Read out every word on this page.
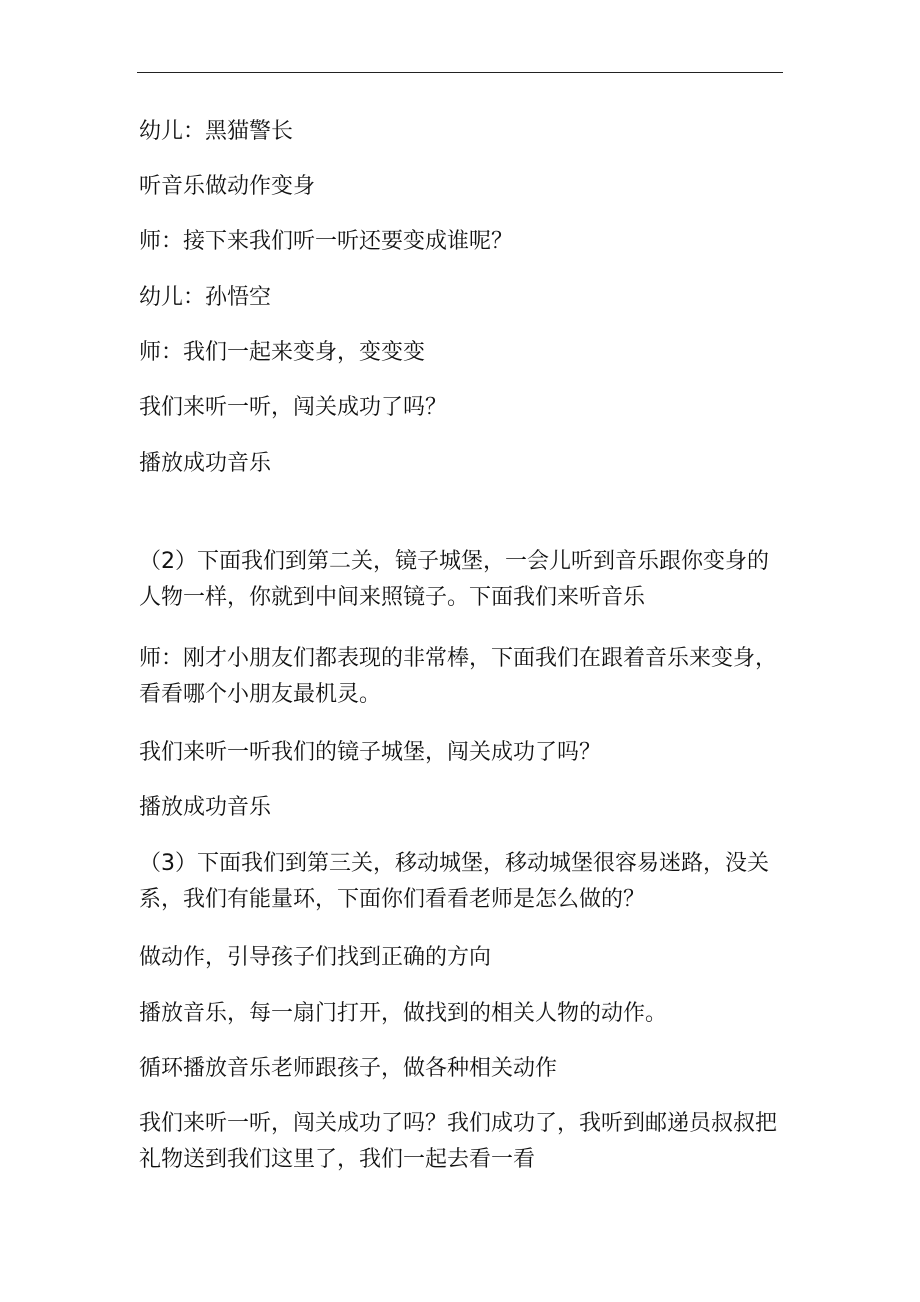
幼儿：黑猫警长

听音乐做动作变身

师：接下来我们听一听还要变成谁呢？

幼儿：孙悟空

师：我们一起来变身，变变变

我们来听一听，闯关成功了吗？

播放成功音乐

（2）下面我们到第二关，镜子城堡，一会儿听到音乐跟你变身的人物一样，你就到中间来照镜子。下面我们来听音乐

师：刚才小朋友们都表现的非常棒，下面我们在跟着音乐来变身，看看哪个小朋友最机灵。

我们来听一听我们的镜子城堡，闯关成功了吗？

播放成功音乐

（3）下面我们到第三关，移动城堡，移动城堡很容易迷路，没关系，我们有能量环，下面你们看看老师是怎么做的？

做动作，引导孩子们找到正确的方向

播放音乐，每一扇门打开，做找到的相关人物的动作。

循环播放音乐老师跟孩子，做各种相关动作

我们来听一听，闯关成功了吗？我们成功了，我听到邮递员叔叔把礼物送到我们这里了，我们一起去看一看
